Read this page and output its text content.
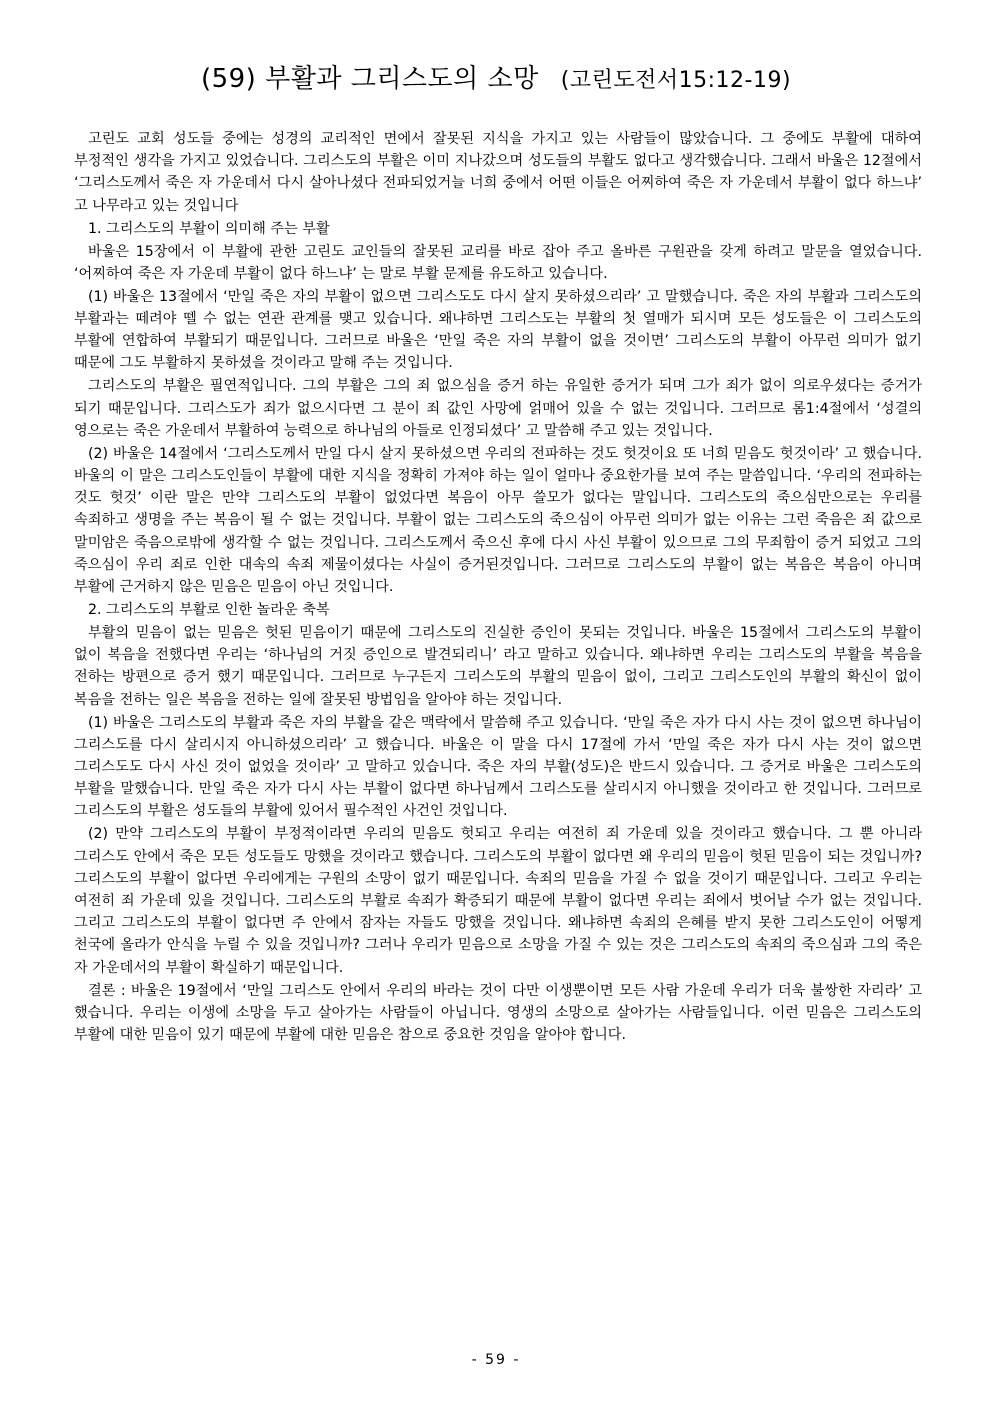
(59) 부활과 그리스도의 소망 (고린도전서15:12-19)

고린도 교회 성도들 중에는 성경의 교리적인 면에서 잘못된 지식을 가지고 있는 사람들이 많았습니다. 그 중에도 부활에 대하여 부정적인 생각을 가지고 있었습니다. 그리스도의 부활은 이미 지나갔으며 성도들의 부활도 없다고 생각했습니다. 그래서 바울은 12절에서 ‘그리스도께서 죽은 자 가운데서 다시 살아나셨다 전파되었거늘 너희 중에서 어떤 이들은 어찌하여 죽은 자 가운데서 부활이 없다 하느냐’ 고 나무라고 있는 것입니다

1. 그리스도의 부활이 의미해 주는 부활

바울은 15장에서 이 부활에 관한 고린도 교인들의 잘못된 교리를 바로 잡아 주고 올바른 구원관을 갖게 하려고 말문을 열었습니다. ‘어찌하여 죽은 자 가운데 부활이 없다 하느냐’ 는 말로 부활 문제를 유도하고 있습니다.

(1) 바울은 13절에서 ‘만일 죽은 자의 부활이 없으면 그리스도도 다시 살지 못하셨으리라’ 고 말했습니다. 죽은 자의 부활과 그리스도의 부활과는 떼려야 뗄 수 없는 연관 관계를 맺고 있습니다. 왜냐하면 그리스도는 부활의 첫 열매가 되시며 모든 성도들은 이 그리스도의 부활에 연합하여 부활되기 때문입니다. 그러므로 바울은 ‘만일 죽은 자의 부활이 없을 것이면’ 그리스도의 부활이 아무런 의미가 없기 때문에 그도 부활하지 못하셨을 것이라고 말해 주는 것입니다.

그리스도의 부활은 필연적입니다. 그의 부활은 그의 죄 없으심을 증거 하는 유일한 증거가 되며 그가 죄가 없이 의로우셨다는 증거가 되기 때문입니다. 그리스도가 죄가 없으시다면 그 분이 죄 값인 사망에 얽매어 있을 수 없는 것입니다. 그러므로 롬1:4절에서 ‘성결의 영으로는 죽은 가운데서 부활하여 능력으로 하나님의 아들로 인정되셨다’ 고 말씀해 주고 있는 것입니다.

(2) 바울은 14절에서 ‘그리스도께서 만일 다시 살지 못하셨으면 우리의 전파하는 것도 헛것이요 또 너희 믿음도 헛것이라’ 고 했습니다. 바울의 이 말은 그리스도인들이 부활에 대한 지식을 정확히 가져야 하는 일이 얼마나 중요한가를 보여 주는 말씀입니다. ‘우리의 전파하는 것도 헛것’ 이란 말은 만약 그리스도의 부활이 없었다면 복음이 아무 쓸모가 없다는 말입니다. 그리스도의 죽으심만으로는 우리를 속죄하고 생명을 주는 복음이 될 수 없는 것입니다. 부활이 없는 그리스도의 죽으심이 아무런 의미가 없는 이유는 그런 죽음은 죄 값으로 말미암은 죽음으로밖에 생각할 수 없는 것입니다. 그리스도께서 죽으신 후에 다시 사신 부활이 있으므로 그의 무죄함이 증거 되었고 그의 죽으심이 우리 죄로 인한 대속의 속죄 제물이셨다는 사실이 증거된것입니다. 그러므로 그리스도의 부활이 없는 복음은 복음이 아니며 부활에 근거하지 않은 믿음은 믿음이 아닌 것입니다.

2. 그리스도의 부활로 인한 놀라운 축복

부활의 믿음이 없는 믿음은 헛된 믿음이기 때문에 그리스도의 진실한 증인이 못되는 것입니다. 바울은 15절에서 그리스도의 부활이 없이 복음을 전했다면 우리는 ‘하나님의 거짓 증인으로 발견되리니’ 라고 말하고 있습니다. 왜냐하면 우리는 그리스도의 부활을 복음을 전하는 방편으로 증거 했기 때문입니다. 그러므로 누구든지 그리스도의 부활의 믿음이 없이, 그리고 그리스도인의 부활의 확신이 없이 복음을 전하는 일은 복음을 전하는 일에 잘못된 방법임을 알아야 하는 것입니다.

(1) 바울은 그리스도의 부활과 죽은 자의 부활을 같은 맥락에서 말씀해 주고 있습니다. ‘만일 죽은 자가 다시 사는 것이 없으면 하나님이 그리스도를 다시 살리시지 아니하셨으리라’ 고 했습니다. 바울은 이 말을 다시 17절에 가서 ‘만일 죽은 자가 다시 사는 것이 없으면 그리스도도 다시 사신 것이 없었을 것이라’ 고 말하고 있습니다. 죽은 자의 부활(성도)은 반드시 있습니다. 그 증거로 바울은 그리스도의 부활을 말했습니다. 만일 죽은 자가 다시 사는 부활이 없다면 하나님께서 그리스도를 살리시지 아니했을 것이라고 한 것입니다. 그러므로 그리스도의 부활은 성도들의 부활에 있어서 필수적인 사건인 것입니다.

(2) 만약 그리스도의 부활이 부정적이라면 우리의 믿음도 헛되고 우리는 여전히 죄 가운데 있을 것이라고 했습니다. 그 뿐 아니라 그리스도 안에서 죽은 모든 성도들도 망했을 것이라고 했습니다. 그리스도의 부활이 없다면 왜 우리의 믿음이 헛된 믿음이 되는 것입니까? 그리스도의 부활이 없다면 우리에게는 구원의 소망이 없기 때문입니다. 속죄의 믿음을 가질 수 없을 것이기 때문입니다. 그리고 우리는 여전히 죄 가운데 있을 것입니다. 그리스도의 부활로 속죄가 확증되기 때문에 부활이 없다면 우리는 죄에서 벗어날 수가 없는 것입니다. 그리고 그리스도의 부활이 없다면 주 안에서 잠자는 자들도 망했을 것입니다. 왜냐하면 속죄의 은혜를 받지 못한 그리스도인이 어떻게 천국에 올라가 안식을 누릴 수 있을 것입니까? 그러나 우리가 믿음으로 소망을 가질 수 있는 것은 그리스도의 속죄의 죽으심과 그의 죽은 자 가운데서의 부활이 확실하기 때문입니다.

결론 : 바울은 19절에서 ‘만일 그리스도 안에서 우리의 바라는 것이 다만 이생뿐이면 모든 사람 가운데 우리가 더욱 불쌍한 자리라’ 고 했습니다. 우리는 이생에 소망을 두고 살아가는 사람들이 아닙니다. 영생의 소망으로 살아가는 사람들입니다. 이런 믿음은 그리스도의 부활에 대한 믿음이 있기 때문에 부활에 대한 믿음은 참으로 중요한 것임을 알아야 합니다.

- 59 -
